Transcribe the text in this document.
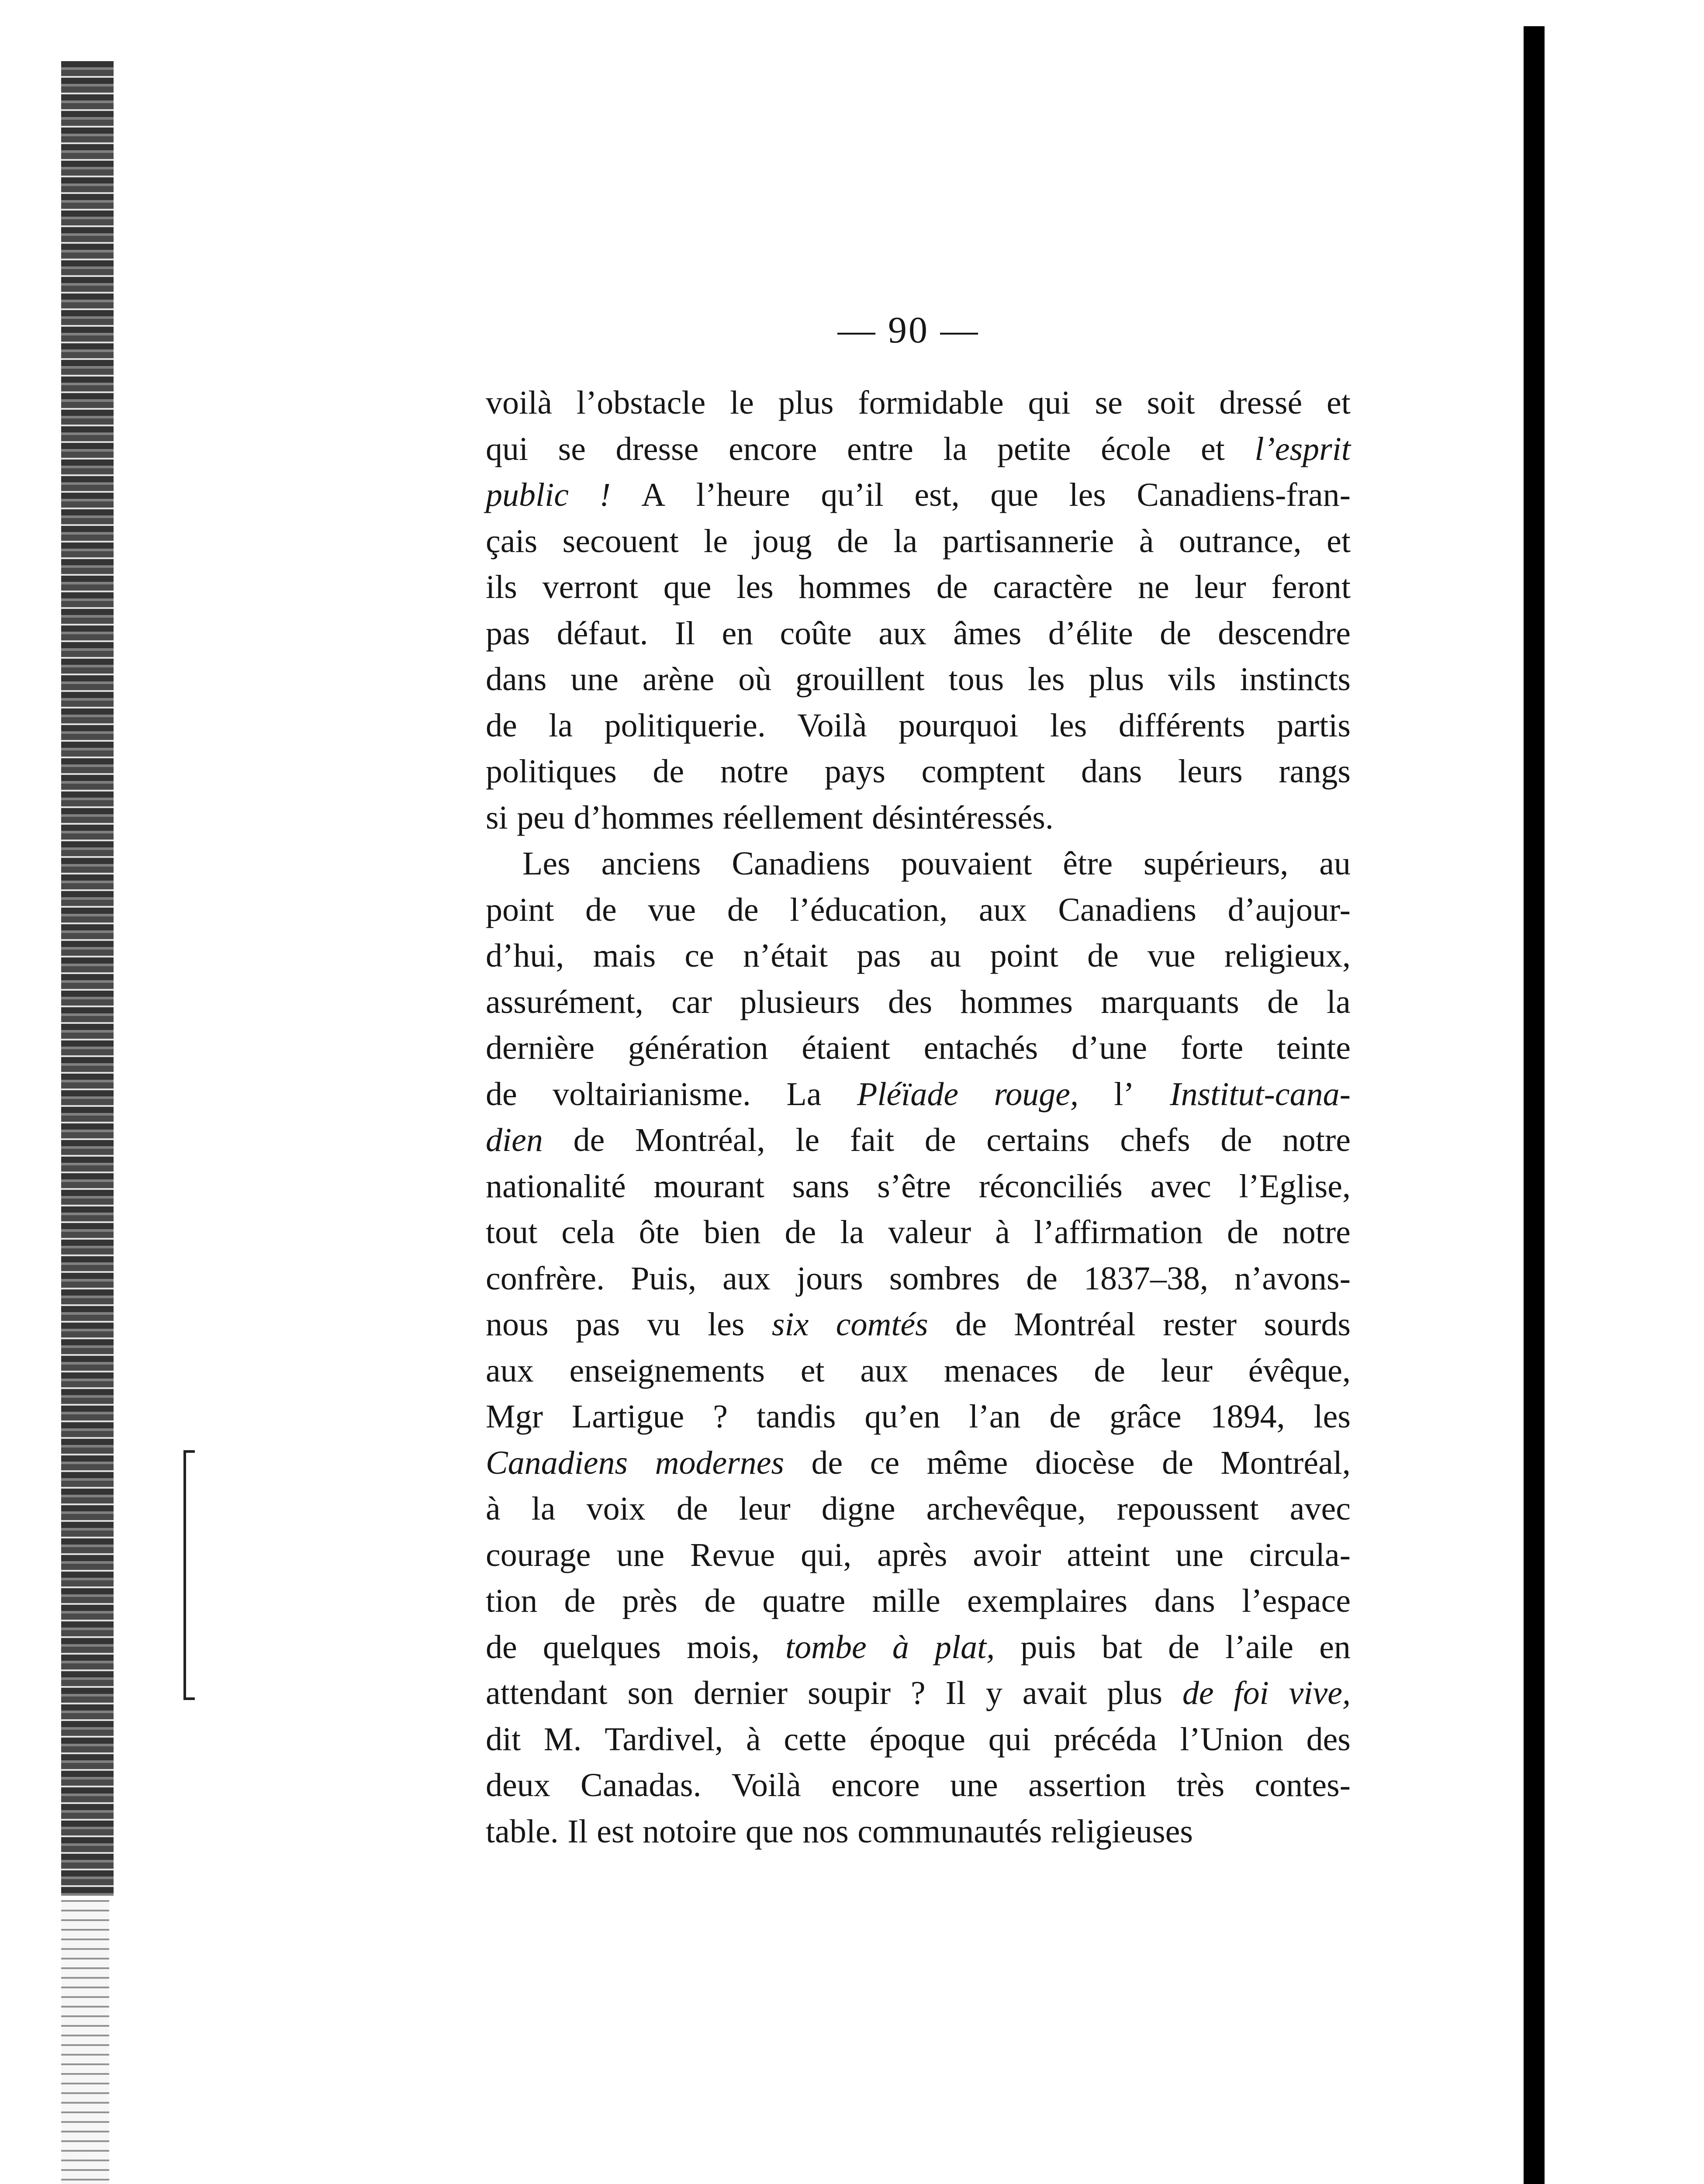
— 90 —
voilà l’obstacle le plus formidable qui se soit dressé et
qui se dresse encore entre la petite école et l’esprit
public ! A l’heure qu’il est, que les Canadiens-fran-
çais secouent le joug de la partisannerie à outrance, et
ils verront que les hommes de caractère ne leur feront
pas défaut. Il en coûte aux âmes d’élite de descendre
dans une arène où grouillent tous les plus vils instincts
de la politiquerie. Voilà pourquoi les différents partis
politiques de notre pays comptent dans leurs rangs
si peu d’hommes réellement désintéressés.
Les anciens Canadiens pouvaient être supérieurs, au
point de vue de l’éducation, aux Canadiens d’aujour-
d’hui, mais ce n’était pas au point de vue religieux,
assurément, car plusieurs des hommes marquants de la
dernière génération étaient entachés d’une forte teinte
de voltairianisme. La Pléïade rouge, l’ Institut-cana-
dien de Montréal, le fait de certains chefs de notre
nationalité mourant sans s’être réconciliés avec l’Eglise,
tout cela ôte bien de la valeur à l’affirmation de notre
confrère. Puis, aux jours sombres de 1837–38, n’avons-
nous pas vu les six comtés de Montréal rester sourds
aux enseignements et aux menaces de leur évêque,
Mgr Lartigue ? tandis qu’en l’an de grâce 1894, les
Canadiens modernes de ce même diocèse de Montréal,
à la voix de leur digne archevêque, repoussent avec
courage une Revue qui, après avoir atteint une circula-
tion de près de quatre mille exemplaires dans l’espace
de quelques mois, tombe à plat, puis bat de l’aile en
attendant son dernier soupir ? Il y avait plus de foi vive,
dit M. Tardivel, à cette époque qui précéda l’Union des
deux Canadas. Voilà encore une assertion très contes-
table. Il est notoire que nos communautés religieuses
